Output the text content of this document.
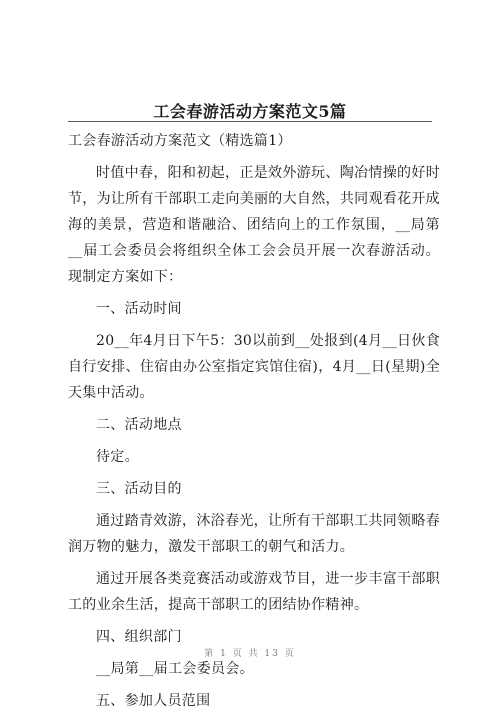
工会春游活动方案范文5篇

工会春游活动方案范文（精选篇1）

时值中春，阳和初起，正是效外游玩、陶冶情操的好时节，为让所有干部职工走向美丽的大自然，共同观看花开成海的美景，营造和谐融洽、团结向上的工作氛围，__局第__届工会委员会将组织全体工会会员开展一次春游活动。现制定方案如下：

一、活动时间

20__年4月日下午5：30以前到__处报到(4月__日伙食自行安排、住宿由办公室指定宾馆住宿)，4月__日(星期)全天集中活动。

二、活动地点

待定。

三、活动目的

通过踏青效游，沐浴春光，让所有干部职工共同领略春润万物的魅力，激发干部职工的朝气和活力。

通过开展各类竞赛活动或游戏节目，进一步丰富干部职工的业余生活，提高干部职工的团结协作精神。

四、组织部门

__局第__届工会委员会。

五、参加人员范围

第 1 页 共 13 页
